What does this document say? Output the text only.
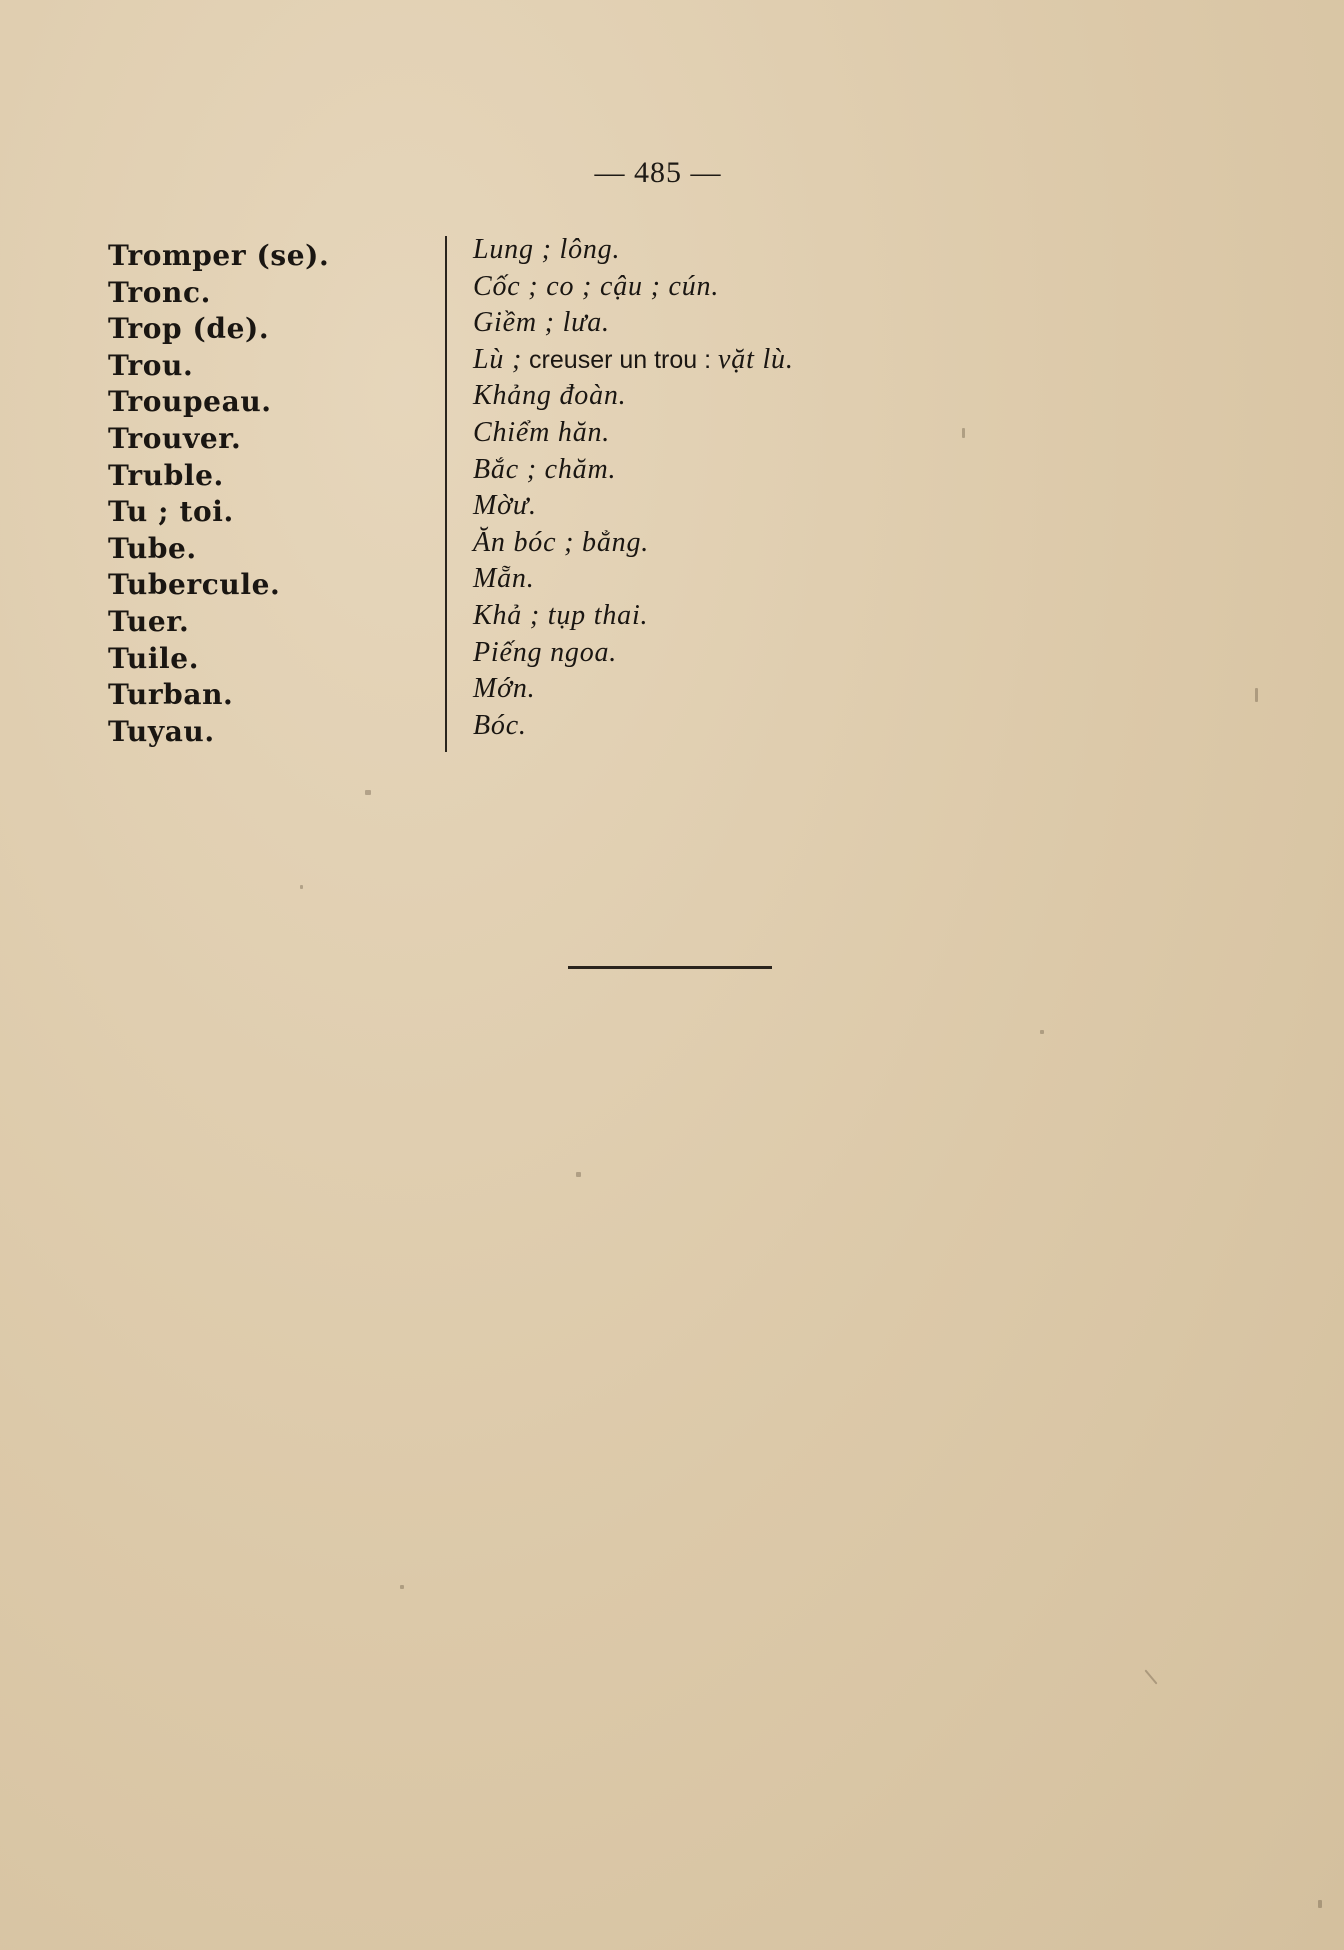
— 485 —
Tromper (se).
Tronc.
Trop (de).
Trou.
Troupeau.
Trouver.
Truble.
Tu ; toi.
Tube.
Tubercule.
Tuer.
Tuile.
Turban.
Tuyau.
Lung ; lông.
Cốc ; co ; cậu ; cún.
Giềm ; lưa.
Lù ; creuser un trou : vặt lù.
Khảng đoàn.
Chiểm hăn.
Bắc ; chăm.
Mờư.
Ăn bóc ; bẳng.
Mẵn.
Khả ; tụp thai.
Piếng ngoa.
Mớn.
Bóc.
